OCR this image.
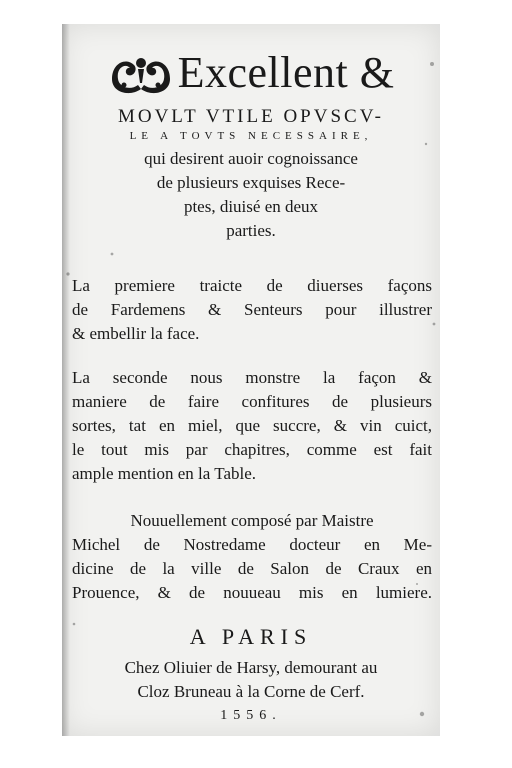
Excellent &
MOVLT VTILE OPVSCV-
LE A TOVTS NECESSAIRE,
qui desirent auoir cognoissance
de plusieurs exquises Rece-
ptes, diuisé en deux
parties.
La premiere traicte de diuerses façons
de Fardemens & Senteurs pour illustrer
& embellir la face.
La seconde nous monstre la façon &
maniere de faire confitures de plusieurs
sortes, tat en miel, que succre, & vin cuict,
le tout mis par chapitres, comme est fait
ample mention en la Table.
Nouuellement composé par Maistre
Michel de Nostredame docteur en Me-
dicine de la ville de Salon de Craux en
Prouence, & de nouueau mis en lumiere.
A PARIS
Chez Oliuier de Harsy, demourant au
Cloz Bruneau à la Corne de Cerf.
1556.
